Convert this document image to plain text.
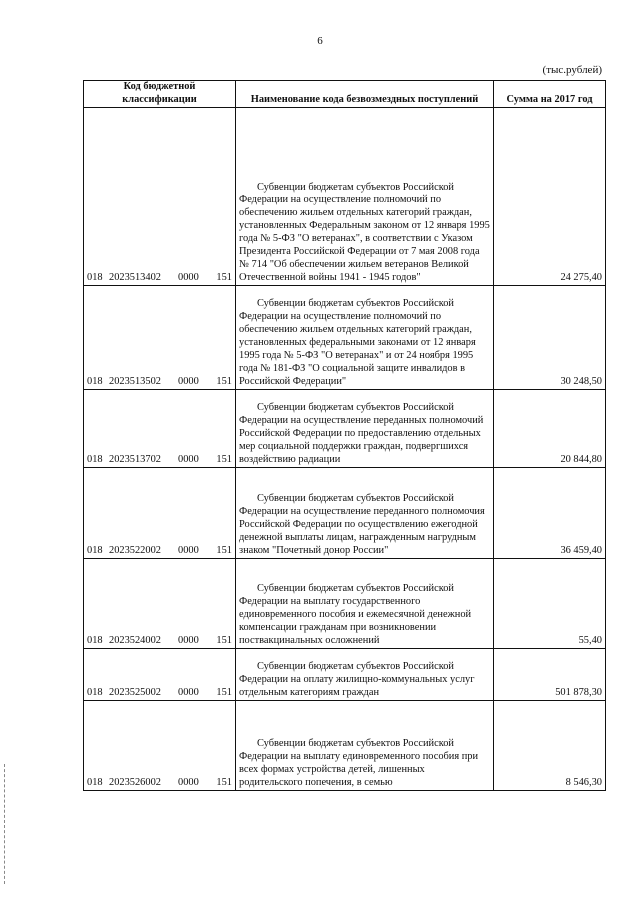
6
(тыс.рублей)
Код бюджетной классификации	Наименование кода безвозмездных поступлений	Сумма на 2017 год
018 2023513402 0000 151	Субвенции бюджетам субъектов Российской Федерации на осуществление полномочий по обеспечению жильем отдельных категорий граждан, установленных Федеральным законом от 12 января 1995 года № 5-ФЗ "О ветеранах", в соответствии с Указом Президента Российской Федерации от 7 мая 2008 года № 714 "Об обеспечении жильем ветеранов Великой Отечественной войны 1941 - 1945 годов"	24 275,40
018 2023513502 0000 151	Субвенции бюджетам субъектов Российской Федерации на осуществление полномочий по обеспечению жильем отдельных категорий граждан, установленных федеральными законами от 12 января 1995 года № 5-ФЗ "О ветеранах" и от 24 ноября 1995 года № 181-ФЗ "О социальной защите инвалидов в Российской Федерации"	30 248,50
018 2023513702 0000 151	Субвенции бюджетам субъектов Российской Федерации на осуществление переданных полномочий Российской Федерации по предоставлению отдельных мер социальной поддержки граждан, подвергшихся воздействию радиации	20 844,80
018 2023522002 0000 151	Субвенции бюджетам субъектов Российской Федерации на осуществление переданного полномочия Российской Федерации по осуществлению ежегодной денежной выплаты лицам, награжденным нагрудным знаком "Почетный донор России"	36 459,40
018 2023524002 0000 151	Субвенции бюджетам субъектов Российской Федерации на выплату государственного единовременного пособия и ежемесячной денежной компенсации гражданам при возникновении поствакцинальных осложнений	55,40
018 2023525002 0000 151	Субвенции бюджетам субъектов Российской Федерации на оплату жилищно-коммунальных услуг отдельным категориям граждан	501 878,30
018 2023526002 0000 151	Субвенции бюджетам субъектов Российской Федерации на выплату единовременного пособия при всех формах устройства детей, лишенных родительского попечения, в семью	8 546,30
